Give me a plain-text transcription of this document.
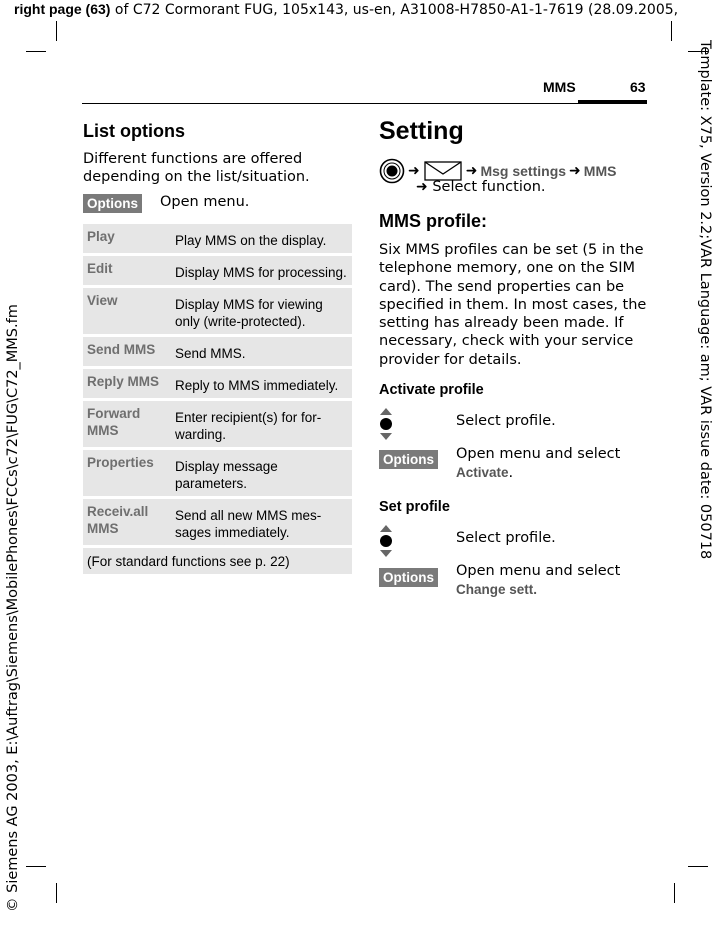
right page (63) of C72 Cormorant FUG, 105x143, us-en, A31008-H7850-A1-1-7619 (28.09.2005,
Template: X75, Version 2.2;VAR Language: am; VAR issue date: 050718
© Siemens AG 2003, E:\Auftrag\Siemens\MobilePhones\FCCs\c72\FUG\C72_MMS.fm
MMS	63
List options
Different functions are offered depending on the list/situation.
Options Open menu.
Play	Play MMS on the display.
Edit	Display MMS for processing.
View	Display MMS for viewing only (write-protected).
Send MMS	Send MMS.
Reply MMS	Reply to MMS immediately.
Forward MMS	Enter recipient(s) for for-warding.
Properties	Display message parameters.
Receiv.all MMS	Send all new MMS mes-sages immediately.
(For standard functions see p. 22)	
Setting
➜	➜ Msg settings ➜ MMS
➜ Select function.
MMS profile:
Six MMS profiles can be set (5 in the telephone memory, one on the SIM card). The send properties can be specified in them. In most cases, the setting has already been made. If necessary, check with your service provider for details.
Activate profile
Select profile.
Options Open menu and select
Activate.
Set profile
Select profile.
Options Open menu and select
Change sett.
